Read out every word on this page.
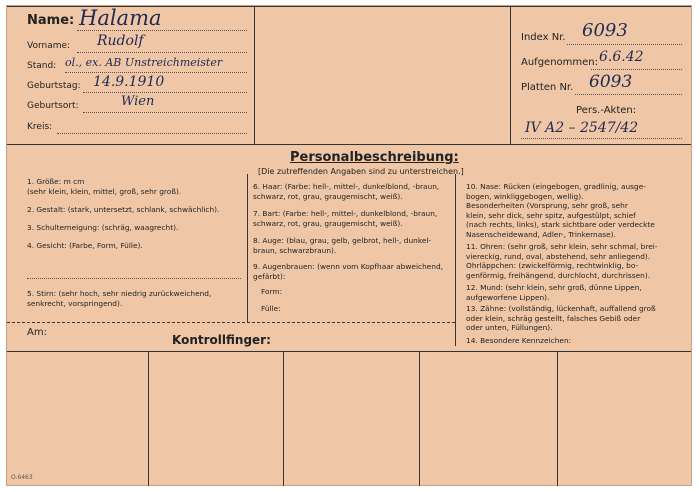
Name: Halama
Vorname: Rudolf
Stand: ol., ex. AB Unstreichmeister
Geburtstag: 14.9.1910
Geburtsort:	Wien
Kreis:
Index Nr. 6093
Aufgenommen: 6.6.42
Platten Nr. 6093
Pers.-Akten:
IV A2 – 2547/42
Personalbeschreibung:
[Die zutreffenden Angaben sind zu unterstreichen.]
1. Größe: m cm
(sehr klein, klein, mittel, groß, sehr groß).
2. Gestalt: (stark, untersetzt, schlank, schwächlich).
3. Schulterneigung: (schräg, waagrecht).
4. Gesicht: (Farbe, Form, Fülle).
5. Stirn: (sehr hoch, sehr niedrig zurückweichend,
senkrecht, vorspringend).
6. Haar: (Farbe: hell-, mittel-, dunkelblond, -braun,
schwarz, rot, grau, graugemischt, weiß).
7. Bart: (Farbe: hell-, mittel-, dunkelblond, -braun,
schwarz, rot, grau, graugemischt, weiß).
8. Auge: (blau, grau, gelb, gelbrot, hell-, dunkel-
braun, schwarzbraun).
9. Augenbrauen: (wenn vom Kopfhaar abweichend,
gefärbt):
Form:
Fülle:
10. Nase: Rücken (eingebogen, gradlinig, ausge-
bogen, winkliggebogen, wellig).
Besonderheiten (Vorsprung, sehr groß, sehr
klein, sehr dick, sehr spitz, aufgestülpt, schief
(nach rechts, links), stark sichtbare oder verdeckte
Nasenscheidewand, Adler-, Trinkernase).
11. Ohren: (sehr groß, sehr klein, sehr schmal, brei-
viereckig, rund, oval, abstehend, sehr anliegend).
Ohrläppchen: (zwickelförmig, rechtwinklig, bo-
genförmig, freihängend, durchlocht, durchrissen).
12. Mund: (sehr klein, sehr groß, dünne Lippen,
aufgeworfene Lippen).
13. Zähne: (vollständig, lückenhaft, auffallend groß
oder klein, schräg gestellt, falsches Gebiß oder
oder unten, Füllungen).
14. Besondere Kennzeichen:
Am:
Kontrollfinger:
O.6463
